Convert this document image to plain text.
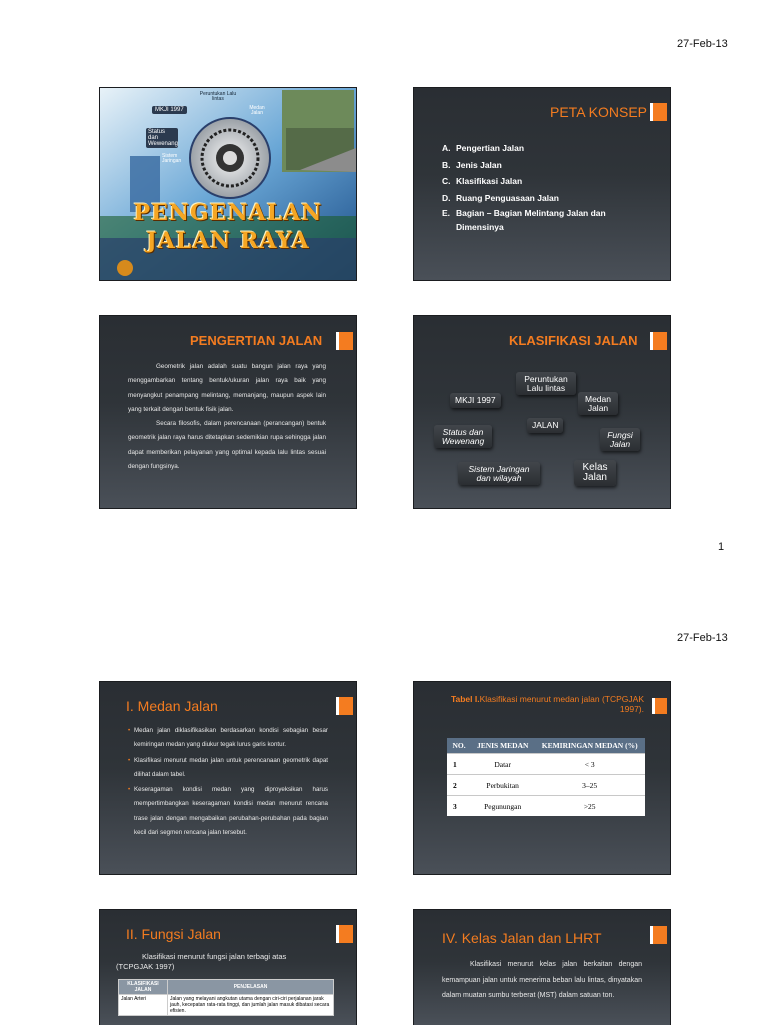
27-Feb-13
Peruntukan Lalu lintas
MKJI 1997	Medan Jalan
Status dan Wewenang
Sistem Jaringan
PENGENALAN
JALAN RAYA
PETA KONSEP
A. Pengertian Jalan
B. Jenis Jalan
C. Klasifikasi Jalan
D. Ruang Penguasaan Jalan
E. Bagian – Bagian Melintang Jalan dan Dimensinya
PENGERTIAN JALAN

Geometrik jalan adalah suatu bangun jalan raya yang menggambarkan tentang bentuk/ukuran jalan raya baik yang menyangkut penampang melintang, memanjang, maupun aspek lain yang terkait dengan bentuk fisik jalan.

Secara filosofis, dalam perencanaan (perancangan) bentuk geometrik jalan raya harus ditetapkan sedemikian rupa sehingga jalan dapat memberikan pelayanan yang optimal kepada lalu lintas sesuai dengan fungsinya.

KLASIFIKASI JALAN
Peruntukan Lalu lintas
MKJI 1997	Medan Jalan
Status dan Wewenang
JALAN
Fungsi Jalan
Sistem Jaringan dan wilayah
Kelas Jalan
1
27-Feb-13
I. Medan Jalan
• Medan jalan diklasifikasikan berdasarkan kondisi sebagian besar kemiringan medan yang diukur tegak lurus garis kontur.
• Klasifikasi menurut medan jalan untuk perencanaan geometrik dapat dilihat dalam tabel.
• Keseragaman kondisi medan yang diproyeksikan harus mempertimbangkan keseragaman kondisi medan menurut rencana trase jalan dengan mengabaikan perubahan-perubahan pada bagian kecil dari segmen rencana jalan tersebut.
Tabel I.Klasifikasi menurut medan jalan (TCPGJAK 1997).
NO.	JENIS MEDAN	KEMIRINGAN MEDAN (%)
1	Datar	< 3
2	Perbukitan	3–25
3	Pegunungan	>25
II. Fungsi Jalan
Klasifikasi menurut fungsi jalan terbagi atas (TCPGJAK 1997)
KLASIFIKASI JALAN	PENJELASAN
Jalan Arteri	Jalan yang melayani angkutan utama dengan ciri-ciri perjalanan jarak jauh, kecepatan rata-rata tinggi, dan jumlah jalan masuk dibatasi secara efisien.
IV. Kelas Jalan dan LHRT
Klasifikasi menurut kelas jalan berkaitan dengan kemampuan jalan untuk menerima beban lalu lintas, dinyatakan dalam muatan sumbu terberat (MST) dalam satuan ton.
